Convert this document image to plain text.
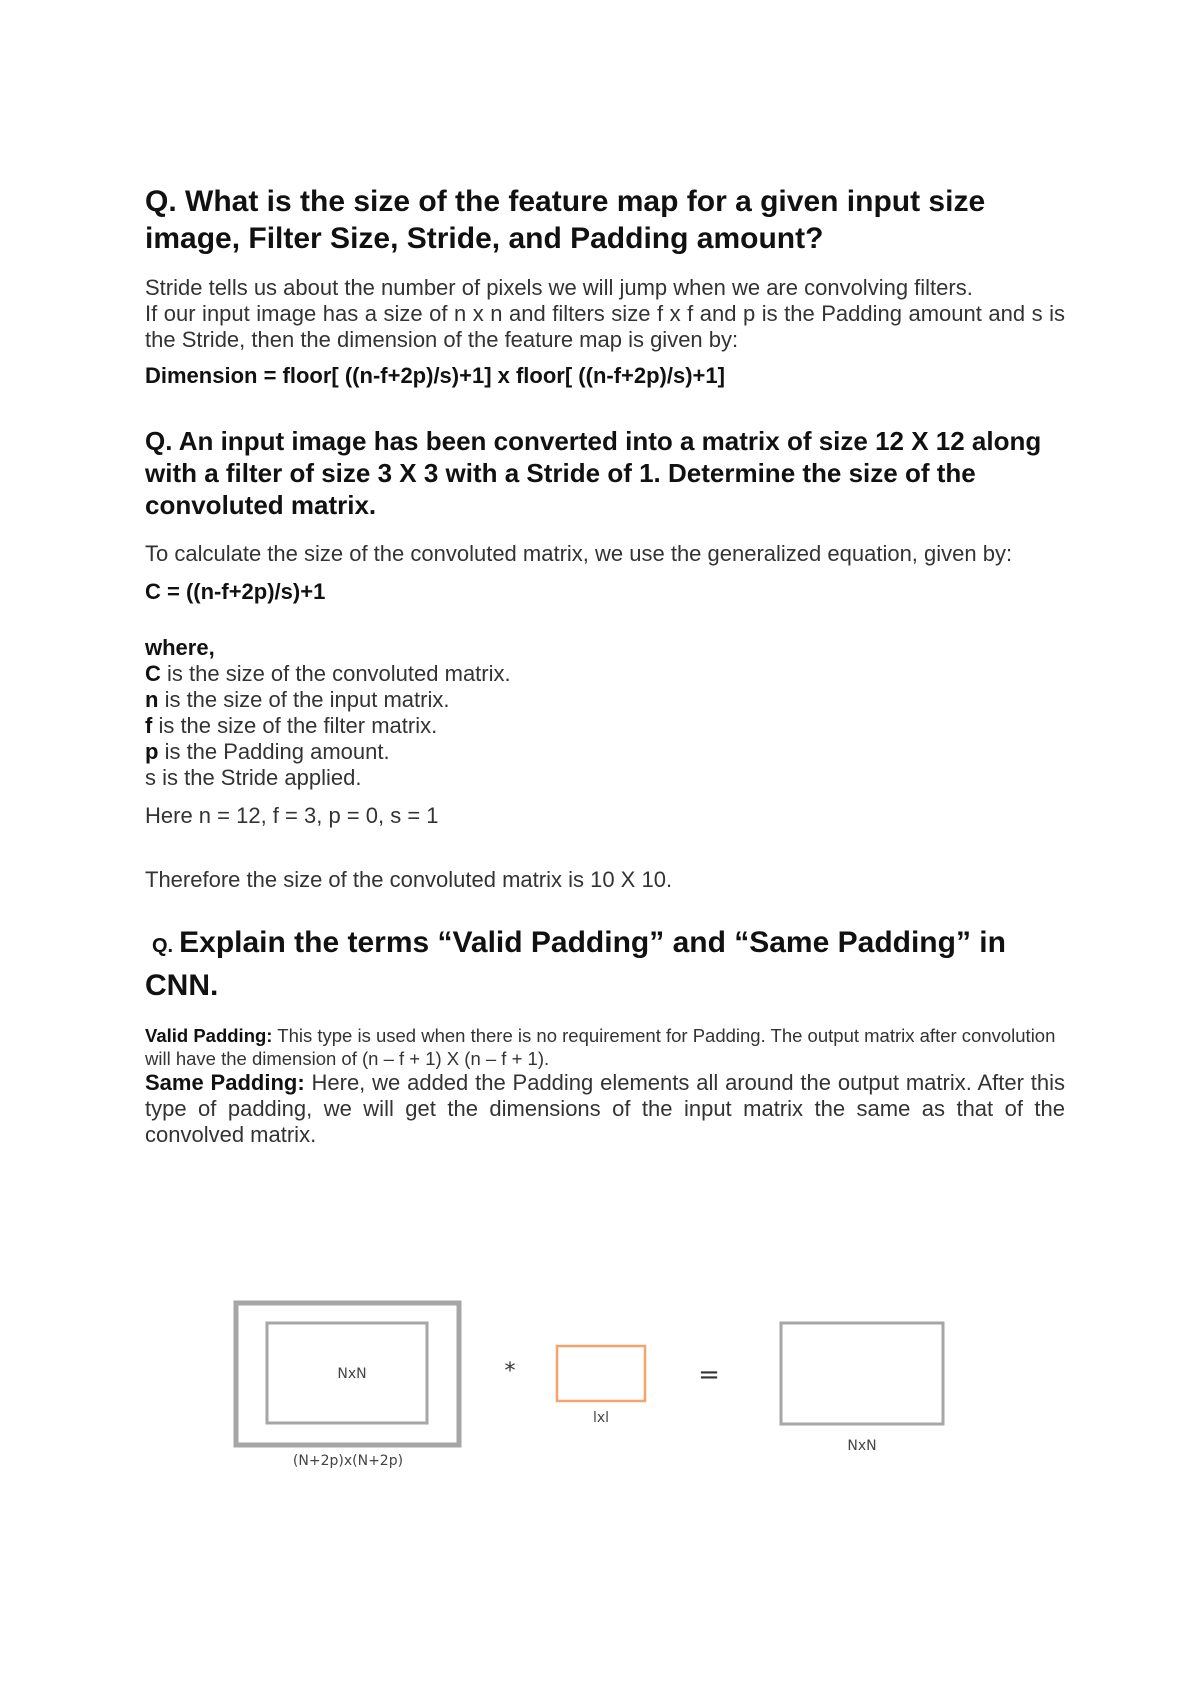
Q. What is the size of the feature map for a given input size image, Filter Size, Stride, and Padding amount?

Stride tells us about the number of pixels we will jump when we are convolving filters.

If our input image has a size of n x n and filters size f x f and p is the Padding amount and s is the Stride, then the dimension of the feature map is given by:

Dimension = floor[ ((n-f+2p)/s)+1] x floor[ ((n-f+2p)/s)+1]

Q. An input image has been converted into a matrix of size 12 X 12 along with a filter of size 3 X 3 with a Stride of 1. Determine the size of the convoluted matrix.

To calculate the size of the convoluted matrix, we use the generalized equation, given by:

C = ((n-f+2p)/s)+1

where,

C is the size of the convoluted matrix.

n is the size of the input matrix.

f is the size of the filter matrix.

p is the Padding amount.

s is the Stride applied.

Here n = 12, f = 3, p = 0, s = 1

Therefore the size of the convoluted matrix is 10 X 10.

Q. Explain the terms “Valid Padding” and “Same Padding” in CNN.

Valid Padding: This type is used when there is no requirement for Padding. The output matrix after convolution will have the dimension of (n – f + 1) X (n – f + 1).

Same Padding: Here, we added the Padding elements all around the output matrix. After this type of padding, we will get the dimensions of the input matrix the same as that of the convolved matrix.

NxN
(N+2p)x(N+2p)
*
lxl
=
NxN
